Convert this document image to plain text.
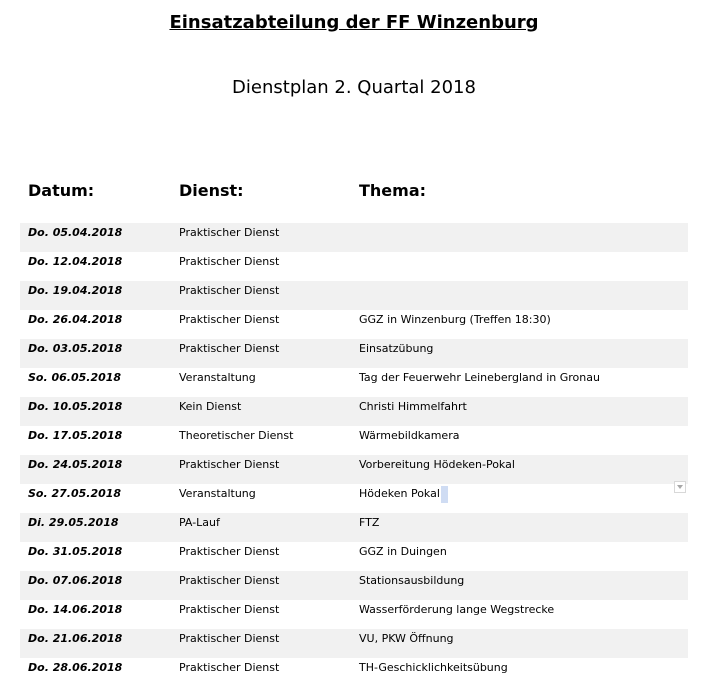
Einsatzabteilung der FF Winzenburg
Dienstplan 2. Quartal 2018
Datum:	Dienst:	Thema:
Do. 05.04.2018	Praktischer Dienst
Do. 12.04.2018	Praktischer Dienst
Do. 19.04.2018	Praktischer Dienst
Do. 26.04.2018	Praktischer Dienst	GGZ in Winzenburg (Treffen 18:30)
Do. 03.05.2018	Praktischer Dienst	Einsatzübung
So. 06.05.2018	Veranstaltung	Tag der Feuerwehr Leinebergland in Gronau
Do. 10.05.2018	Kein Dienst	Christi Himmelfahrt
Do. 17.05.2018	Theoretischer Dienst	Wärmebildkamera
Do. 24.05.2018	Praktischer Dienst	Vorbereitung Hödeken-Pokal
So. 27.05.2018	Veranstaltung	Hödeken Pokal
Di. 29.05.2018	PA-Lauf	FTZ
Do. 31.05.2018	Praktischer Dienst	GGZ in Duingen
Do. 07.06.2018	Praktischer Dienst	Stationsausbildung
Do. 14.06.2018	Praktischer Dienst	Wasserförderung lange Wegstrecke
Do. 21.06.2018	Praktischer Dienst	VU, PKW Öffnung
Do. 28.06.2018	Praktischer Dienst	TH-Geschicklichkeitsübung
